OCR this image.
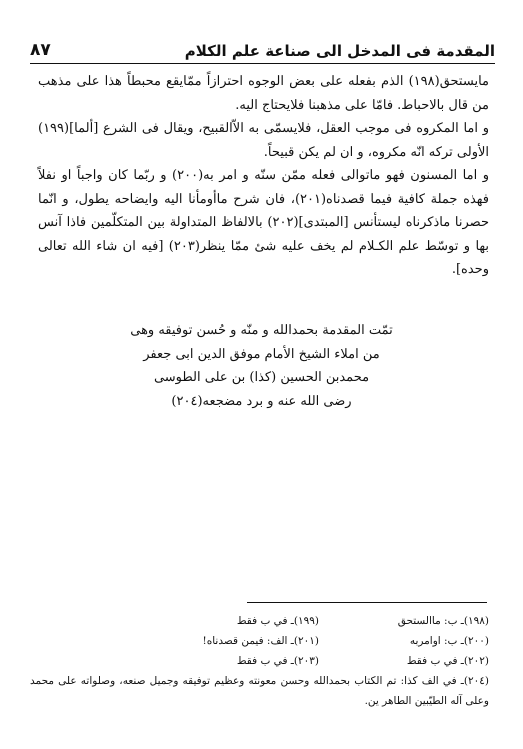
٨٧	المقدمة فى المدخل الى صناعة علم الكلام

مايستحق(١٩٨) الذم بفعله على بعض الوجوه احترازاً ممّايقع محبطاً هذا على مذهب من قال بالاحباط. فامّا على مذهبنا فلايحتاج اليه.

و اما المكروه فى موجب العقل، فلايسمّى به الاّالقبيح، ويقال فى الشرع [ألما](١٩٩) الأولى تركه انّه مكروه، و ان لم يكن قبيحاً.

و اما المسنون فهو ماتوالى فعله ممّن سنّه و امر به(٢٠٠) و ربّما كان واجباً او نفلاً فهذه جملة كافية فيما قصدناه(٢٠١)، فان شرح ماأومأنا اليه وايضاحه يطول، و انّما حصرنا ماذكرناه ليستأنس [المبتدى](٢٠٢) بالالفاظ المتداولة بين المتكلّمين فاذا آنس بها و توسّط علم الكـلام لم يخف عليه شئ ممّا ينظر(٢٠٣) [فيه ان شاء الله تعالى وحده].

تمّت المقدمة بحمدالله و منّه و حُسن توفيقه وهى
من املاء الشيخ الأمام موفق الدين ابى جعفر
محمدبن الحسين (كذا) بن على الطوسى
رضى الله عنه و برد مضجعه(٢٠٤)
(١٩٨)ـ ب: ماالستحق
(١٩٩)ـ في ب فقط
(٢٠٠)ـ ب: اوامربه
(٢٠١)ـ الف: فيمن قصدناه!
(٢٠٢)ـ في ب فقط
(٢٠٣)ـ في ب فقط
(٢٠٤)ـ في الف كذا: تم الكتاب بحمدالله وحسن معونته وعظيم توفيقه وجميل صنعه، وصلواته على محمد وعلى آله الطيّبين الطاهر ين.
